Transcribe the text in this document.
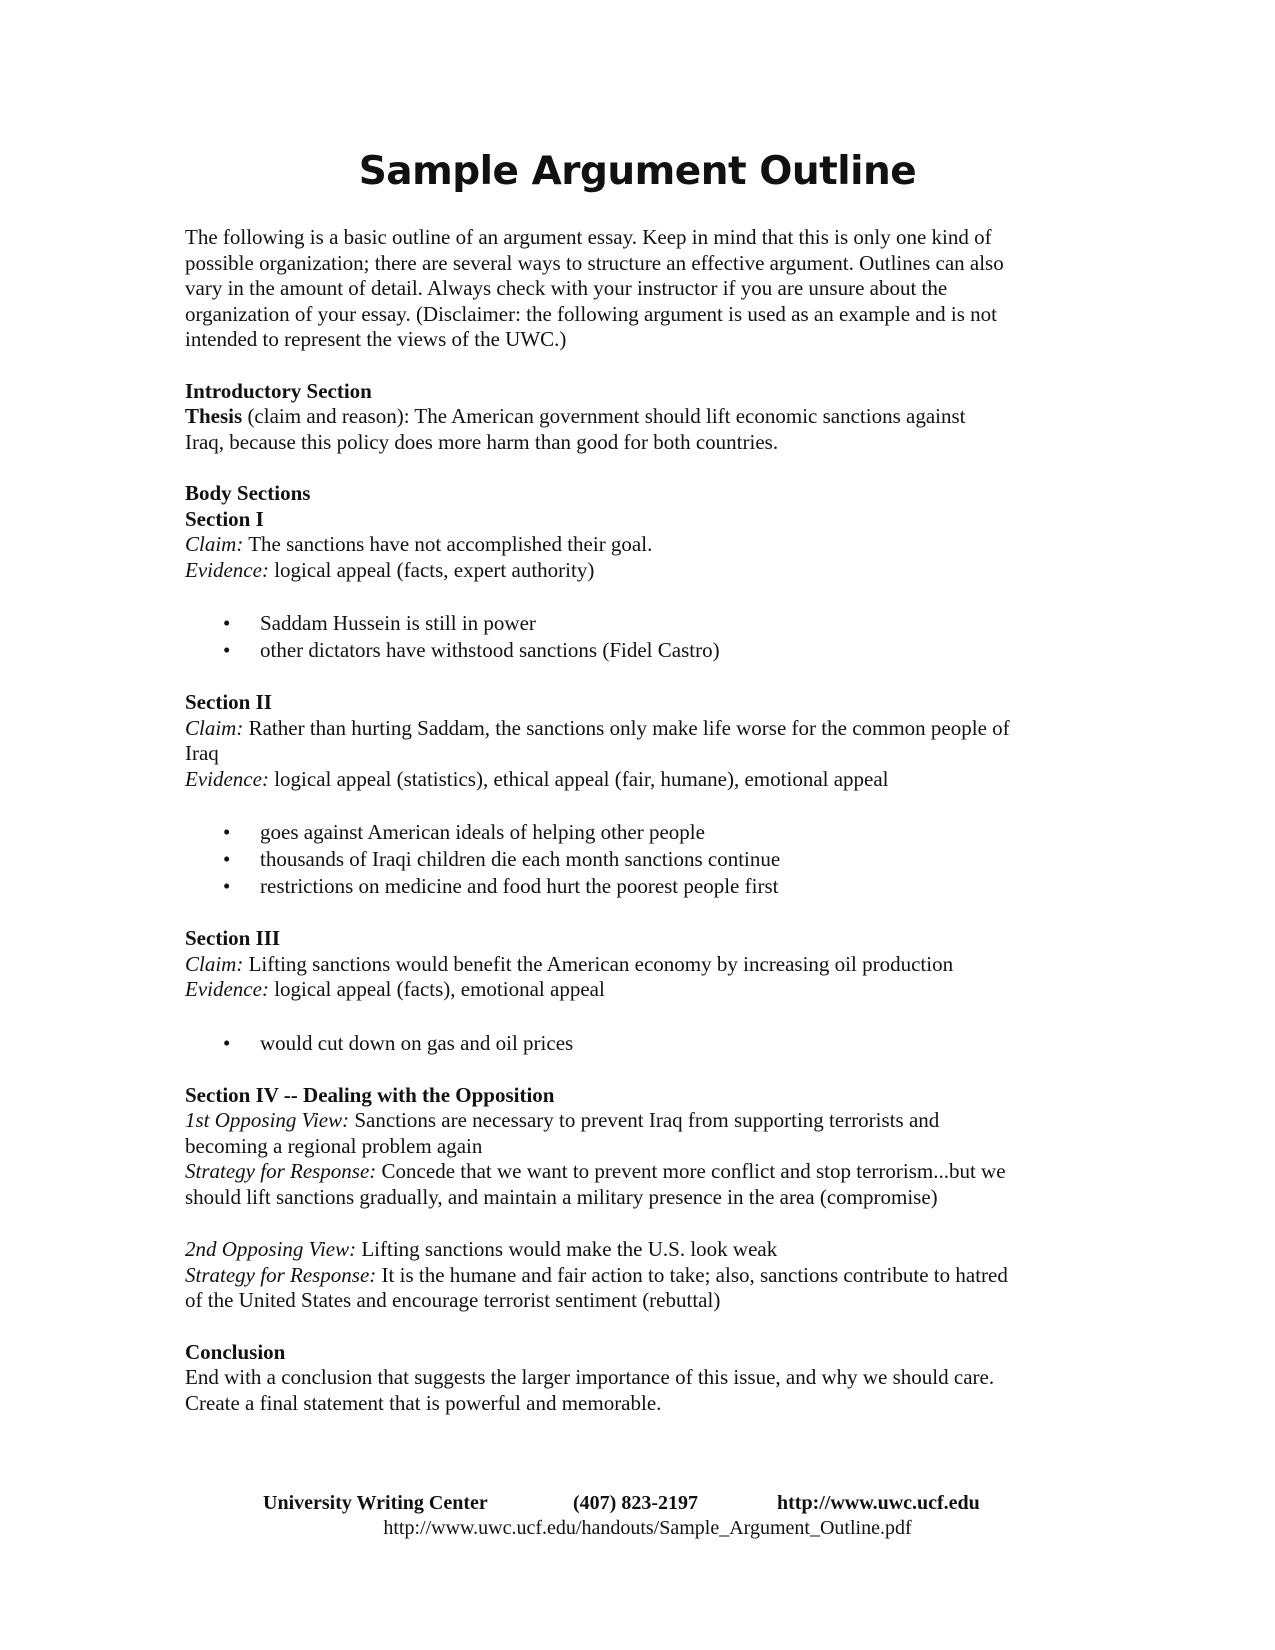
Sample Argument Outline

The following is a basic outline of an argument essay. Keep in mind that this is only one kind of

possible organization; there are several ways to structure an effective argument. Outlines can also

vary in the amount of detail. Always check with your instructor if you are unsure about the

organization of your essay. (Disclaimer: the following argument is used as an example and is not

intended to represent the views of the UWC.)

Introductory Section

Thesis (claim and reason): The American government should lift economic sanctions against

Iraq, because this policy does more harm than good for both countries.

Body Sections

Section I

Claim: The sanctions have not accomplished their goal.

Evidence: logical appeal (facts, expert authority)

• Saddam Hussein is still in power
• other dictators have withstood sanctions (Fidel Castro)

Section II

Claim: Rather than hurting Saddam, the sanctions only make life worse for the common people of

Iraq

Evidence: logical appeal (statistics), ethical appeal (fair, humane), emotional appeal

• goes against American ideals of helping other people
• thousands of Iraqi children die each month sanctions continue
• restrictions on medicine and food hurt the poorest people first

Section III

Claim: Lifting sanctions would benefit the American economy by increasing oil production

Evidence: logical appeal (facts), emotional appeal

• would cut down on gas and oil prices

Section IV -- Dealing with the Opposition

1st Opposing View: Sanctions are necessary to prevent Iraq from supporting terrorists and

becoming a regional problem again

Strategy for Response: Concede that we want to prevent more conflict and stop terrorism...but we

should lift sanctions gradually, and maintain a military presence in the area (compromise)

2nd Opposing View: Lifting sanctions would make the U.S. look weak

Strategy for Response: It is the humane and fair action to take; also, sanctions contribute to hatred

of the United States and encourage terrorist sentiment (rebuttal)

Conclusion

End with a conclusion that suggests the larger importance of this issue, and why we should care.

Create a final statement that is powerful and memorable.

University Writing Center	(407) 823-2197	http://www.uwc.ucf.edu
http://www.uwc.ucf.edu/handouts/Sample_Argument_Outline.pdf
